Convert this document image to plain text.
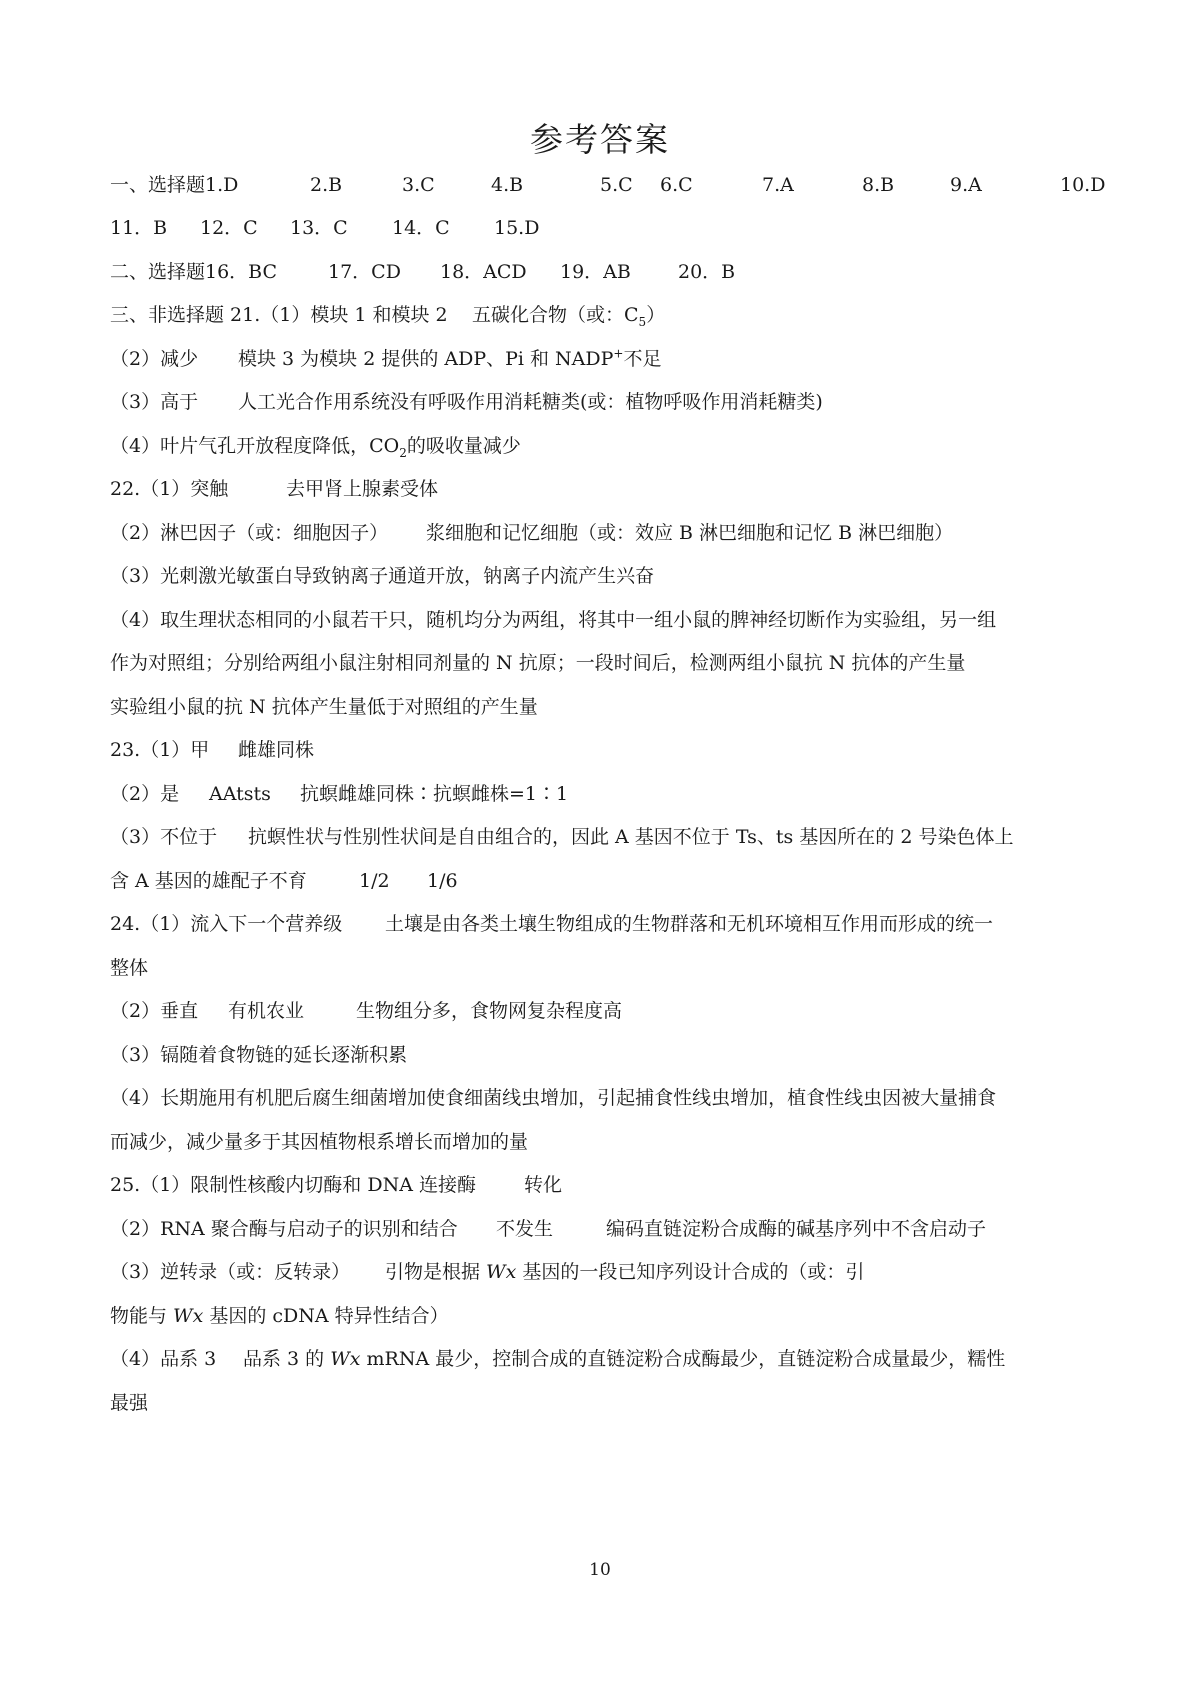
参考答案

一、选择题

1.D

	2.B

	3.C

	4.B

	5.C

6.C

	7.A

	8.B

	9.A

	10.D

11．B

12．C

13．C

14．C

15.D

二、选择题

16．BC

	17．CD

18．ACD

19．AB

20．B

三、非选择题 21.（1）模块 1 和模块 2

五碳化合物（或：$C_5$）

（2）减少

模块 3 为模块 2 提供的 ADP、Pi 和 NADP+不足

（3）高于

人工光合作用系统没有呼吸作用消耗糖类(或：植物呼吸作用消耗糖类)

（4）叶片气孔开放程度降低，$CO_2$的吸收量减少

22.（1）突触

	去甲肾上腺素受体

（2）淋巴因子（或：细胞因子）

浆细胞和记忆细胞（或：效应 B 淋巴细胞和记忆 B 淋巴细胞）

（3）光刺激光敏蛋白导致钠离子通道开放，钠离子内流产生兴奋

（4）取生理状态相同的小鼠若干只，随机均分为两组，将其中一组小鼠的脾神经切断作为实验组，另一组

作为对照组；分别给两组小鼠注射相同剂量的 N 抗原；一段时间后，检测两组小鼠抗 N 抗体的产生量

实验组小鼠的抗 N 抗体产生量低于对照组的产生量

23.（1）甲

雌雄同株

（2）是

AAtsts

抗螟雌雄同株∶抗螟雌株=1∶1

（3）不位于

抗螟性状与性别性状间是自由组合的，因此 A 基因不位于 Ts、ts 基因所在的 2 号染色体上

含 A 基因的雄配子不育

	1/2

1/6

24.（1）流入下一个营养级

土壤是由各类土壤生物组成的生物群落和无机环境相互作用而形成的统一

整体

（2）垂直

有机农业

	生物组分多，食物网复杂程度高

（3）镉随着食物链的延长逐渐积累

（4）长期施用有机肥后腐生细菌增加使食细菌线虫增加，引起捕食性线虫增加，植食性线虫因被大量捕食

而减少，减少量多于其因植物根系增长而增加的量

25.（1）限制性核酸内切酶和 DNA 连接酶

	转化

（2）RNA 聚合酶与启动子的识别和结合

不发生

	编码直链淀粉合成酶的碱基序列中不含启动子

（3）逆转录（或：反转录）

引物是根据 Wx 基因的一段已知序列设计合成的（或：引

物能与 Wx 基因的 cDNA 特异性结合）

（4）品系 3

品系 3 的 Wx mRNA 最少，控制合成的直链淀粉合成酶最少，直链淀粉合成量最少，糯性

最强

10
